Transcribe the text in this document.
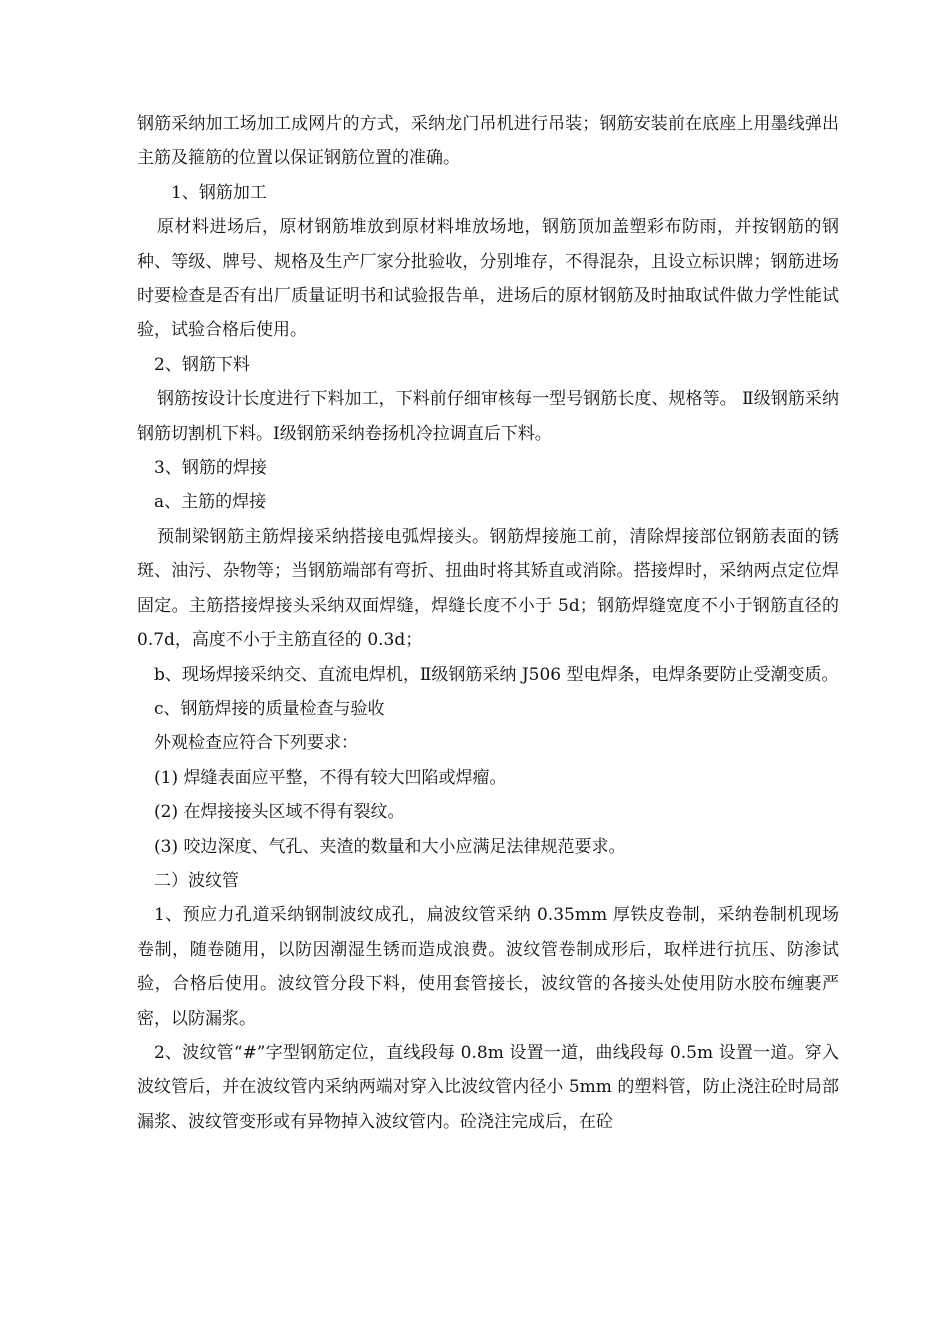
钢筋采纳加工场加工成网片的方式，采纳龙门吊机进行吊装；钢筋安装前在底座上用墨线弹出主筋及箍筋的位置以保证钢筋位置的准确。

1、钢筋加工

原材料进场后，原材钢筋堆放到原材料堆放场地，钢筋顶加盖塑彩布防雨，并按钢筋的钢种、等级、牌号、规格及生产厂家分批验收，分别堆存，不得混杂，且设立标识牌；钢筋进场时要检查是否有出厂质量证明书和试验报告单，进场后的原材钢筋及时抽取试件做力学性能试验，试验合格后使用。

2、钢筋下料

钢筋按设计长度进行下料加工，下料前仔细审核每一型号钢筋长度、规格等。 Ⅱ级钢筋采纳钢筋切割机下料。Ⅰ级钢筋采纳卷扬机冷拉调直后下料。

3、钢筋的焊接

a、主筋的焊接

预制梁钢筋主筋焊接采纳搭接电弧焊接头。钢筋焊接施工前，清除焊接部位钢筋表面的锈斑、油污、杂物等；当钢筋端部有弯折、扭曲时将其矫直或消除。搭接焊时，采纳两点定位焊固定。主筋搭接焊接头采纳双面焊缝，焊缝长度不小于 5d；钢筋焊缝宽度不小于钢筋直径的 0.7d，高度不小于主筋直径的 0.3d；

b、现场焊接采纳交、直流电焊机，Ⅱ级钢筋采纳 J506 型电焊条，电焊条要防止受潮变质。

c、钢筋焊接的质量检查与验收

外观检查应符合下列要求：

(1) 焊缝表面应平整，不得有较大凹陷或焊瘤。

(2) 在焊接接头区域不得有裂纹。

(3) 咬边深度、气孔、夹渣的数量和大小应满足法律规范要求。

二）波纹管

1、预应力孔道采纳钢制波纹成孔，扁波纹管采纳 0.35mm 厚铁皮卷制，采纳卷制机现场卷制，随卷随用，以防因潮湿生锈而造成浪费。波纹管卷制成形后，取样进行抗压、防渗试验，合格后使用。波纹管分段下料，使用套管接长，波纹管的各接头处使用防水胶布缠裹严密，以防漏浆。

2、波纹管“#”字型钢筋定位，直线段每 0.8m 设置一道，曲线段每 0.5m 设置一道。穿入波纹管后，并在波纹管内采纳两端对穿入比波纹管内径小 5mm 的塑料管，防止浇注砼时局部漏浆、波纹管变形或有异物掉入波纹管内。砼浇注完成后，在砼
